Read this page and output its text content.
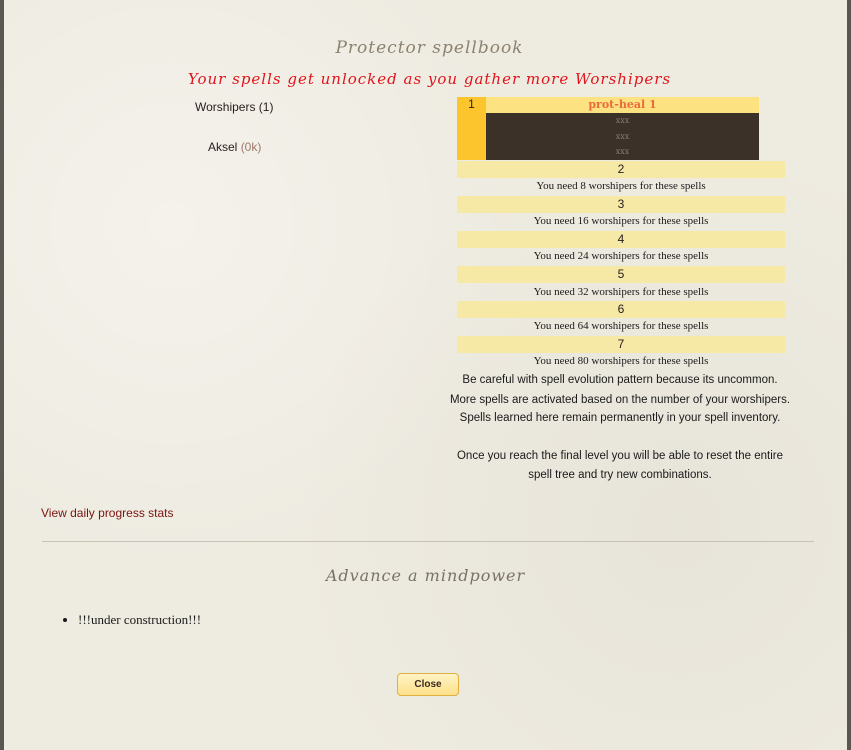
Protector spellbook
Your spells get unlocked as you gather more Worshipers
Worshipers (1)
Aksel (0k)
1	prot-heal 1
xxx
xxx
xxx
2
You need 8 worshipers for these spells
3
You need 16 worshipers for these spells
4
You need 24 worshipers for these spells
5
You need 32 worshipers for these spells
6
You need 64 worshipers for these spells
7
You need 80 worshipers for these spells
Be careful with spell evolution pattern because its uncommon.
More spells are activated based on the number of your worshipers.
Spells learned here remain permanently in your spell inventory.
Once you reach the final level you will be able to reset the entire
spell tree and try new combinations.
View daily progress stats
Advance a mindpower
• !!!under construction!!!
Close
